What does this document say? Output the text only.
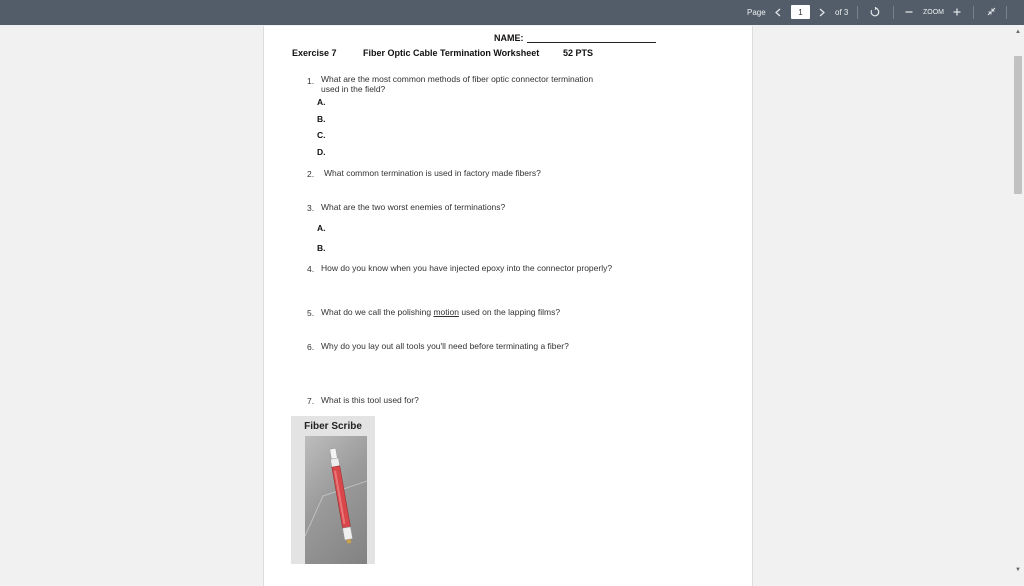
Page
1	of 3	ZOOM
NAME:
Exercise 7	Fiber Optic Cable Termination Worksheet	52 PTS
1. What are the most common methods of fiber optic connector termination
used in the field?
A.
B.
C.
D.
2. What common termination is used in factory made fibers?
3. What are the two worst enemies of terminations?
A.
B.
4. How do you know when you have injected epoxy into the connector properly?
5. What do we call the polishing motion used on the lapping films?
6. Why do you lay out all tools you'll need before terminating a fiber?
7. What is this tool used for?
Fiber Scribe
▲
▼
